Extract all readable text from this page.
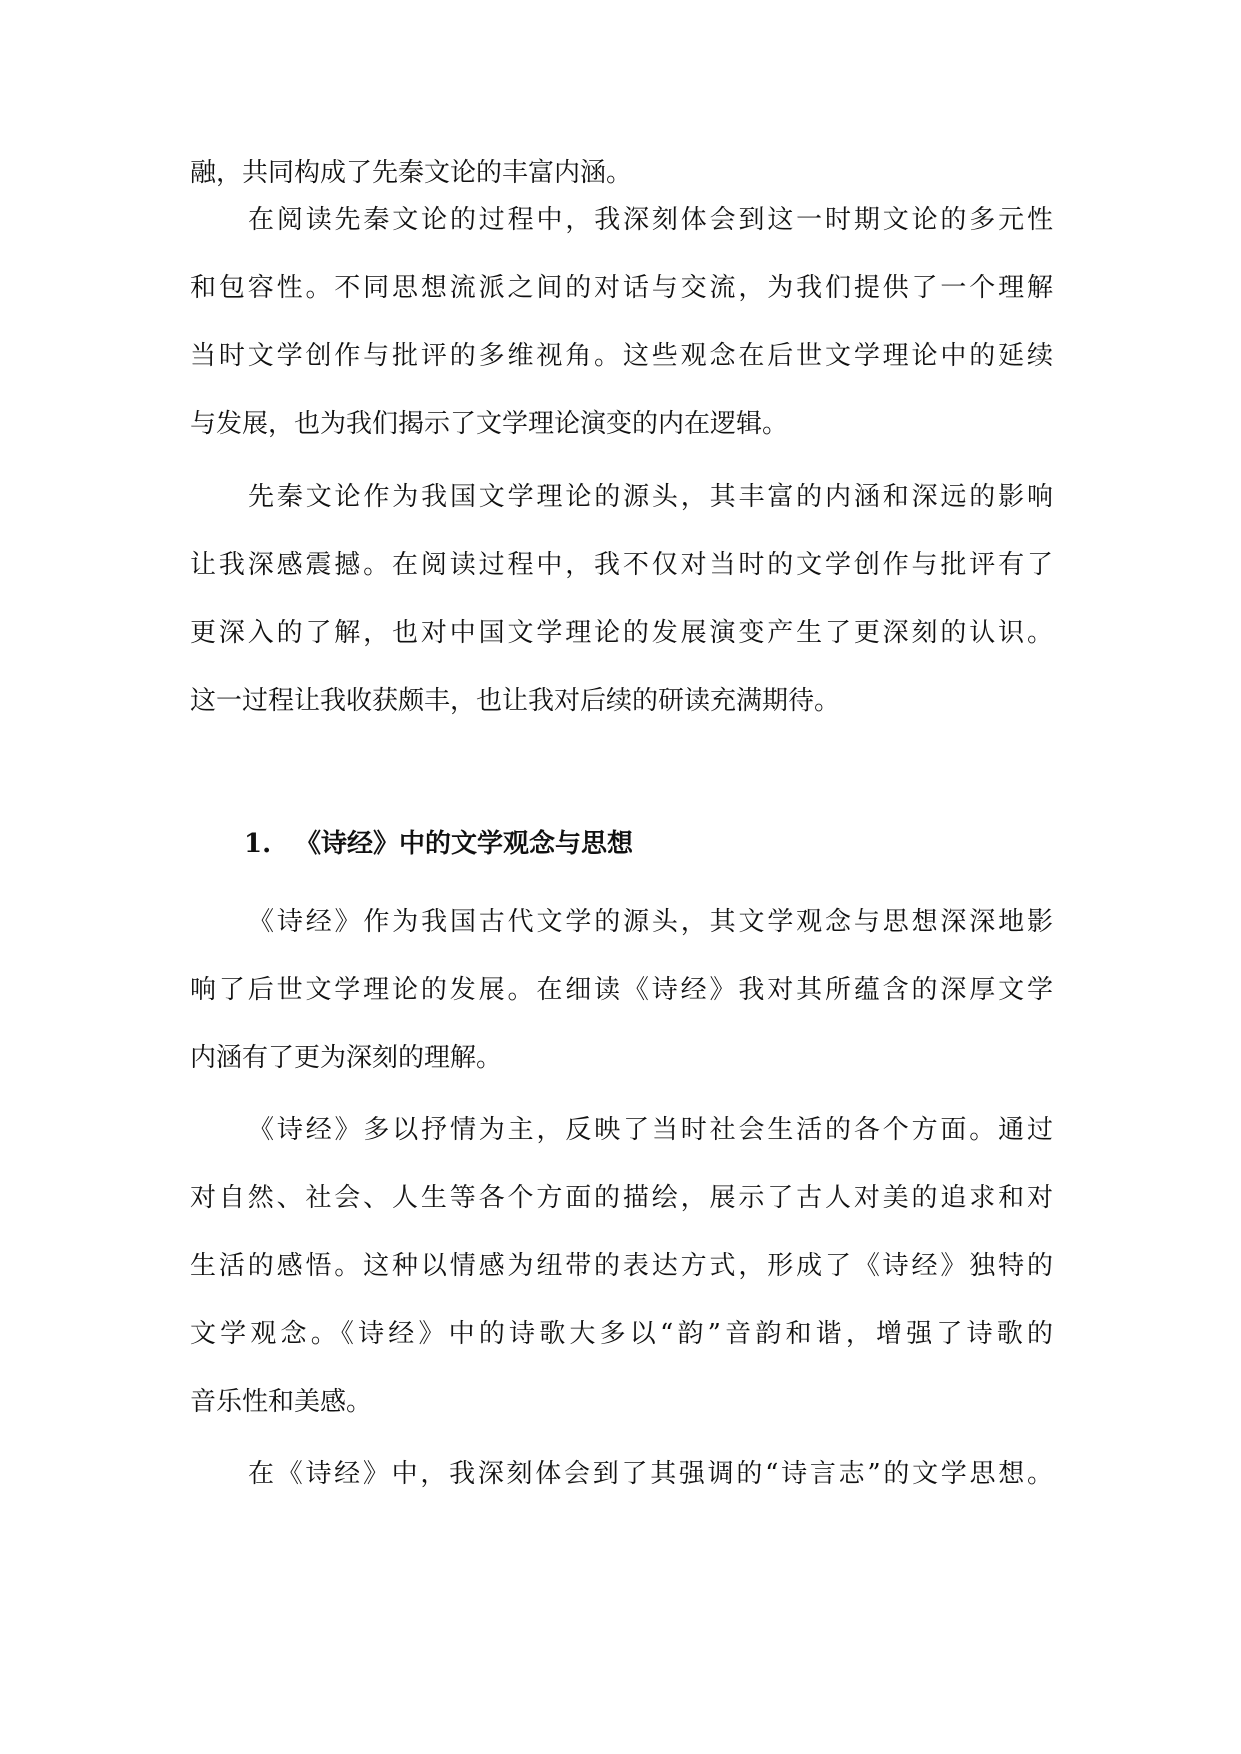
融，共同构成了先秦文论的丰富内涵。
在阅读先秦文论的过程中，我深刻体会到这一时期文论的多元性
和包容性。不同思想流派之间的对话与交流，为我们提供了一个理解
当时文学创作与批评的多维视角。这些观念在后世文学理论中的延续
与发展，也为我们揭示了文学理论演变的内在逻辑。
先秦文论作为我国文学理论的源头，其丰富的内涵和深远的影响
让我深感震撼。在阅读过程中，我不仅对当时的文学创作与批评有了
更深入的了解，也对中国文学理论的发展演变产生了更深刻的认识。
这一过程让我收获颇丰，也让我对后续的研读充满期待。
1. 《诗经》中的文学观念与思想
《诗经》作为我国古代文学的源头，其文学观念与思想深深地影
响了后世文学理论的发展。在细读《诗经》我对其所蕴含的深厚文学
内涵有了更为深刻的理解。
《诗经》多以抒情为主，反映了当时社会生活的各个方面。通过
对自然、社会、人生等各个方面的描绘，展示了古人对美的追求和对
生活的感悟。这种以情感为纽带的表达方式，形成了《诗经》独特的
文学观念。《诗经》中的诗歌大多以“韵”音韵和谐，增强了诗歌的
音乐性和美感。
在《诗经》中，我深刻体会到了其强调的“诗言志”的文学思想。
